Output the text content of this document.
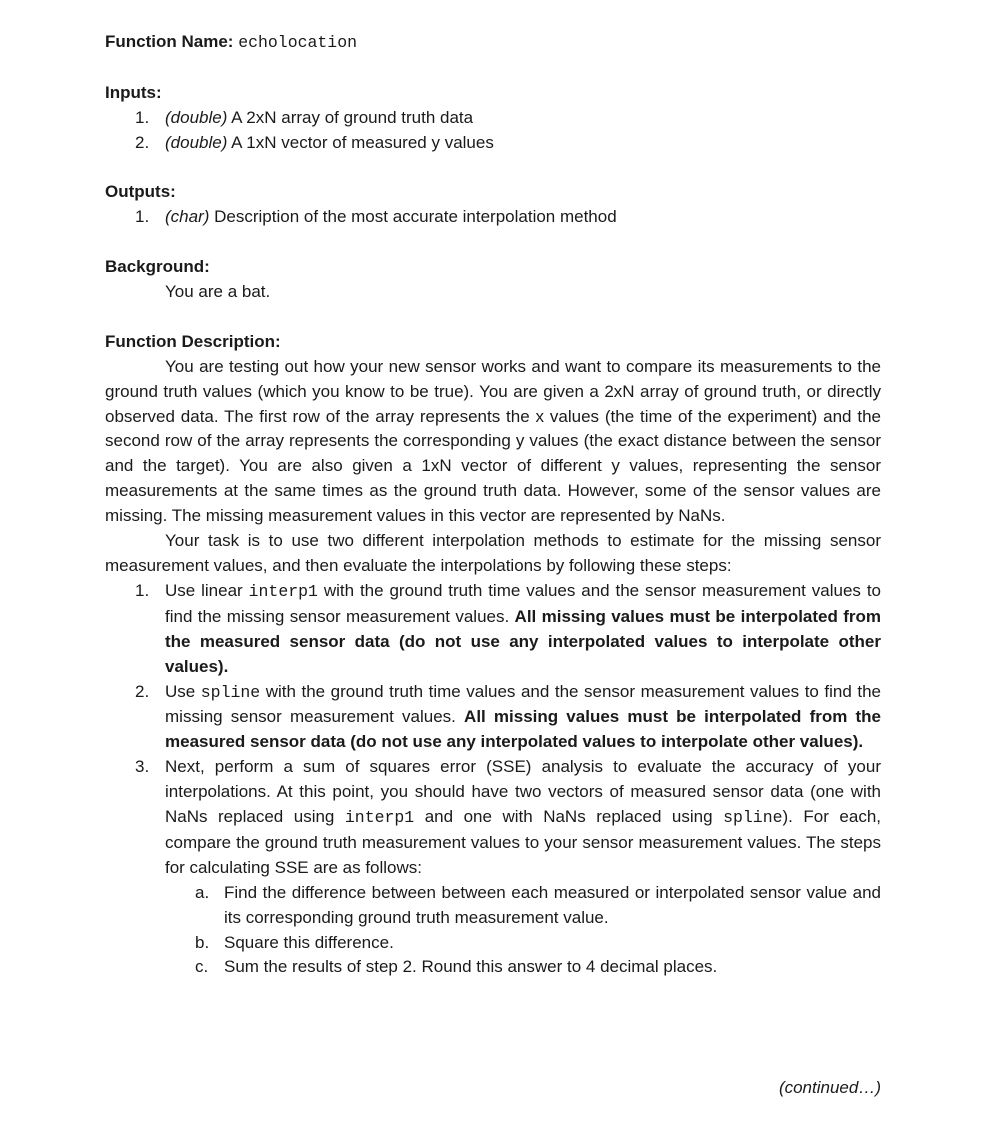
Function Name: echolocation

Inputs:

1. (double) A 2xN array of ground truth data
2. (double) A 1xN vector of measured y values

Outputs:

1. (char) Description of the most accurate interpolation method

Background:

You are a bat.

Function Description:

You are testing out how your new sensor works and want to compare its measurements to the ground truth values (which you know to be true). You are given a 2xN array of ground truth, or directly observed data. The first row of the array represents the x values (the time of the experiment) and the second row of the array represents the corresponding y values (the exact distance between the sensor and the target). You are also given a 1xN vector of different y values, representing the sensor measurements at the same times as the ground truth data. However, some of the sensor values are missing. The missing measurement values in this vector are represented by NaNs.

Your task is to use two different interpolation methods to estimate for the missing sensor measurement values, and then evaluate the interpolations by following these steps:

1. Use linear interp1 with the ground truth time values and the sensor measurement values to find the missing sensor measurement values. All missing values must be interpolated from the measured sensor data (do not use any interpolated values to interpolate other values).
2. Use spline with the ground truth time values and the sensor measurement values to find the missing sensor measurement values. All missing values must be interpolated from the measured sensor data (do not use any interpolated values to interpolate other values).
3. Next, perform a sum of squares error (SSE) analysis to evaluate the accuracy of your interpolations. At this point, you should have two vectors of measured sensor data (one with NaNs replaced using interp1 and one with NaNs replaced using spline). For each, compare the ground truth measurement values to your sensor measurement values. The steps for calculating SSE are as follows:
a. Find the difference between between each measured or interpolated sensor value and its corresponding ground truth measurement value.
b. Square this difference.
c. Sum the results of step 2. Round this answer to 4 decimal places.
(continued…)
